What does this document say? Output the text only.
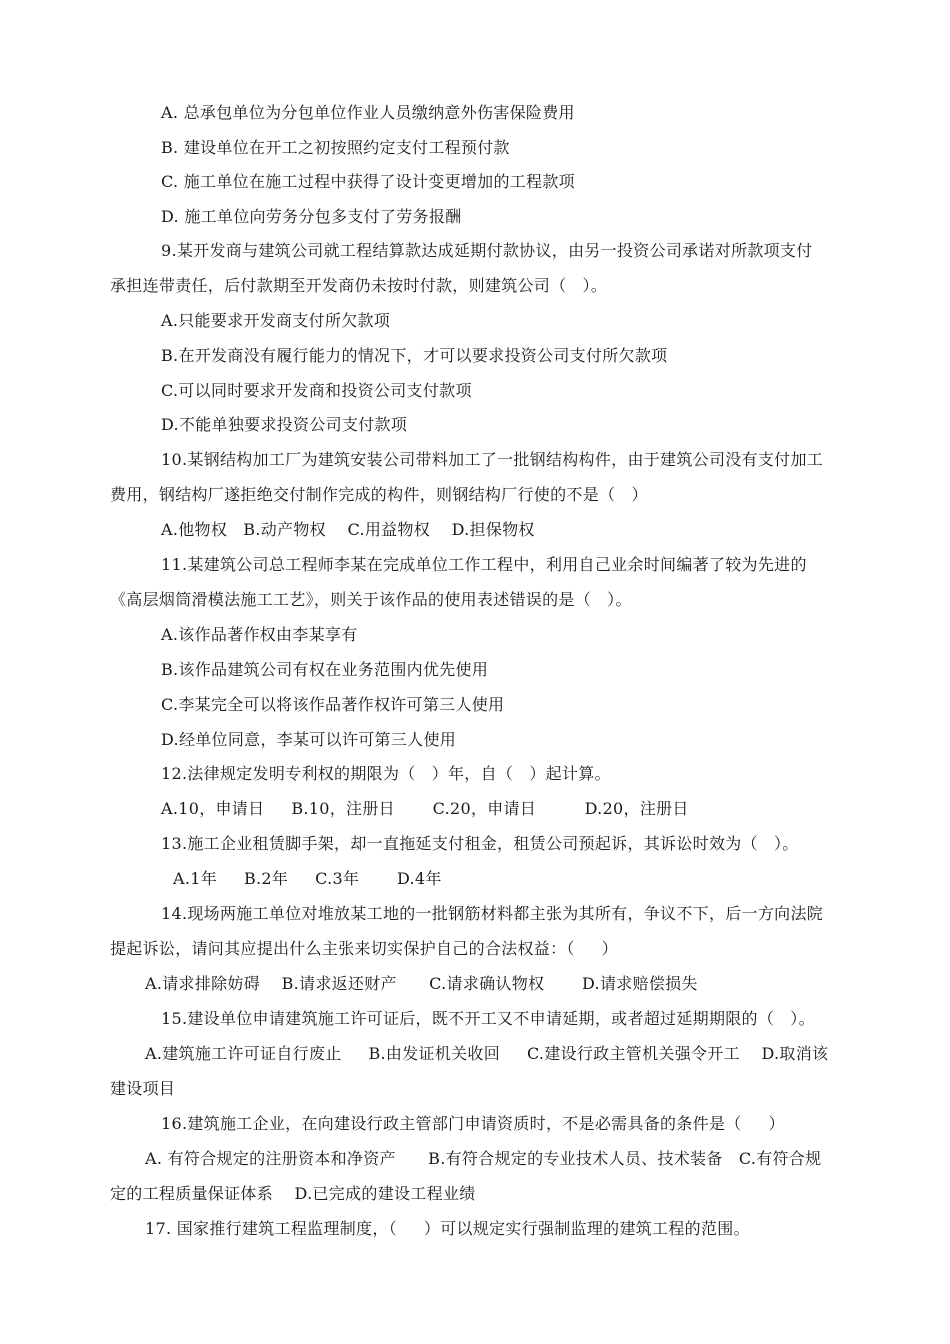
A. 总承包单位为分包单位作业人员缴纳意外伤害保险费用
B. 建设单位在开工之初按照约定支付工程预付款
C. 施工单位在施工过程中获得了设计变更增加的工程款项
D. 施工单位向劳务分包多支付了劳务报酬
9.某开发商与建筑公司就工程结算款达成延期付款协议，由另一投资公司承诺对所款项支付
承担连带责任，后付款期至开发商仍未按时付款，则建筑公司（   ）。
A.只能要求开发商支付所欠款项
B.在开发商没有履行能力的情况下，才可以要求投资公司支付所欠款项
C.可以同时要求开发商和投资公司支付款项
D.不能单独要求投资公司支付款项
10.某钢结构加工厂为建筑安装公司带料加工了一批钢结构构件，由于建筑公司没有支付加工
费用，钢结构厂遂拒绝交付制作完成的构件，则钢结构厂行使的不是（   ）
A.他物权   B.动产物权    C.用益物权    D.担保物权
11.某建筑公司总工程师李某在完成单位工作工程中，利用自己业余时间编著了较为先进的
《高层烟筒滑模法施工工艺》，则关于该作品的使用表述错误的是（   ）。
A.该作品著作权由李某享有
B.该作品建筑公司有权在业务范围内优先使用
C.李某完全可以将该作品著作权许可第三人使用
D.经单位同意，李某可以许可第三人使用
12.法律规定发明专利权的期限为（   ）年，自（   ）起计算。
A.10，申请日     B.10，注册日       C.20，申请日         D.20，注册日
13.施工企业租赁脚手架，却一直拖延支付租金，租赁公司预起诉，其诉讼时效为（   ）。
A.1年     B.2年     C.3年       D.4年
14.现场两施工单位对堆放某工地的一批钢筋材料都主张为其所有，争议不下，后一方向法院
提起诉讼，请问其应提出什么主张来切实保护自己的合法权益：（     ）
A.请求排除妨碍    B.请求返还财产      C.请求确认物权       D.请求赔偿损失
15.建设单位申请建筑施工许可证后，既不开工又不申请延期，或者超过延期期限的（   ）。
A.建筑施工许可证自行废止     B.由发证机关收回     C.建设行政主管机关强令开工    D.取消该
建设项目
16.建筑施工企业，在向建设行政主管部门申请资质时，不是必需具备的条件是（     ）
A. 有符合规定的注册资本和净资产      B.有符合规定的专业技术人员、技术装备   C.有符合规
定的工程质量保证体系    D.已完成的建设工程业绩
17. 国家推行建筑工程监理制度，（     ）可以规定实行强制监理的建筑工程的范围。
